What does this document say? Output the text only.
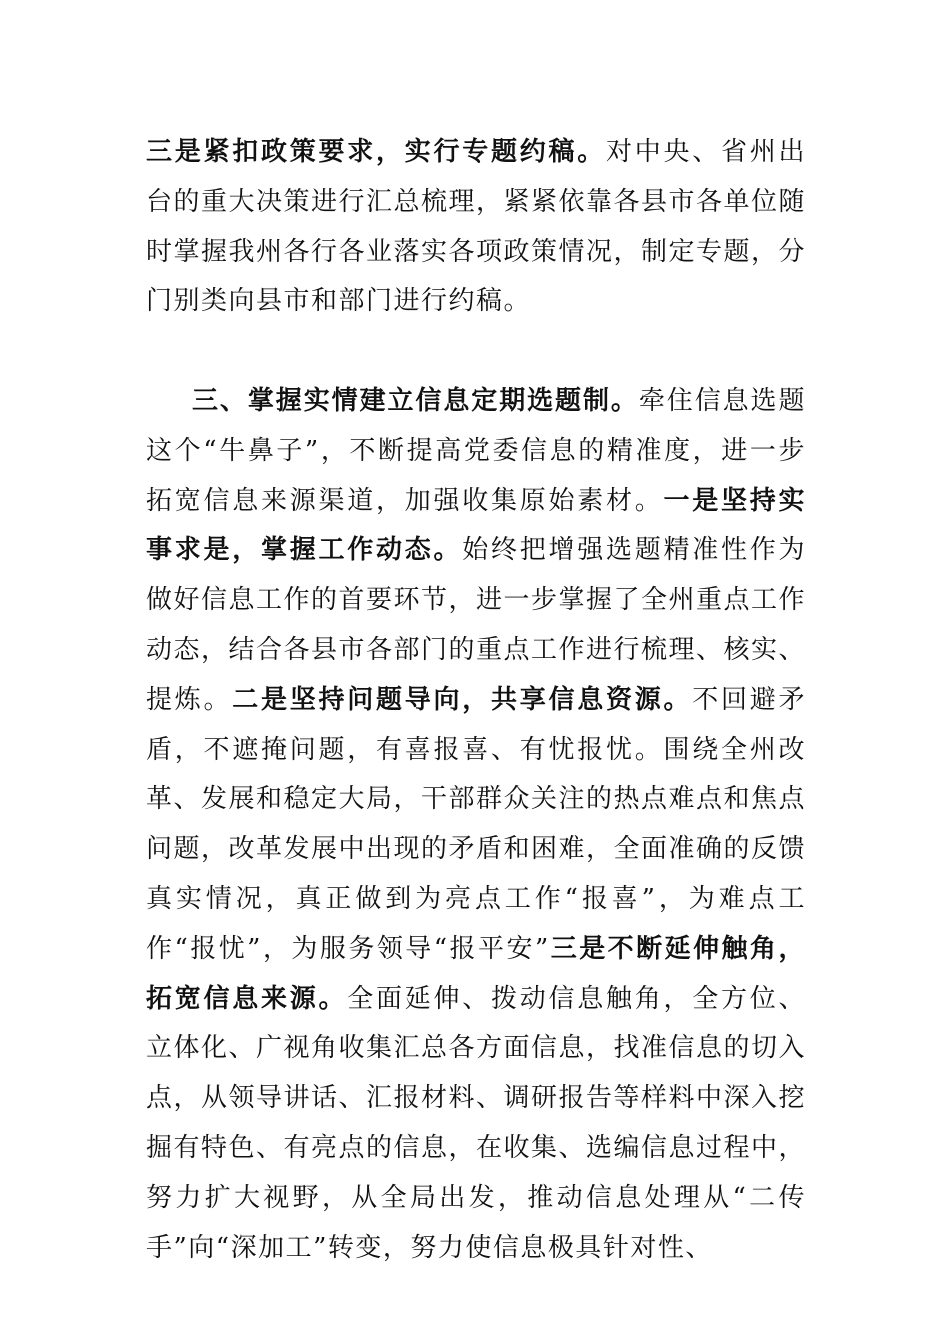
三是紧扣政策要求，实行专题约稿。对中央、省州出台的重大决策进行汇总梳理，紧紧依靠各县市各单位随时掌握我州各行各业落实各项政策情况，制定专题，分门别类向县市和部门进行约稿。

三、掌握实情建立信息定期选题制。牵住信息选题这个“牛鼻子”，不断提高党委信息的精准度，进一步拓宽信息来源渠道，加强收集原始素材。一是坚持实事求是，掌握工作动态。始终把增强选题精准性作为做好信息工作的首要环节，进一步掌握了全州重点工作动态，结合各县市各部门的重点工作进行梳理、核实、提炼。二是坚持问题导向，共享信息资源。不回避矛盾，不遮掩问题，有喜报喜、有忧报忧。围绕全州改革、发展和稳定大局，干部群众关注的热点难点和焦点问题，改革发展中出现的矛盾和困难，全面准确的反馈真实情况，真正做到为亮点工作“报喜”，为难点工作“报忧”，为服务领导“报平安”三是不断延伸触角，拓宽信息来源。全面延伸、拨动信息触角，全方位、立体化、广视角收集汇总各方面信息，找准信息的切入点，从领导讲话、汇报材料、调研报告等样料中深入挖掘有特色、有亮点的信息，在收集、选编信息过程中，努力扩大视野，从全局出发，推动信息处理从“二传手”向“深加工”转变，努力使信息极具针对性、
